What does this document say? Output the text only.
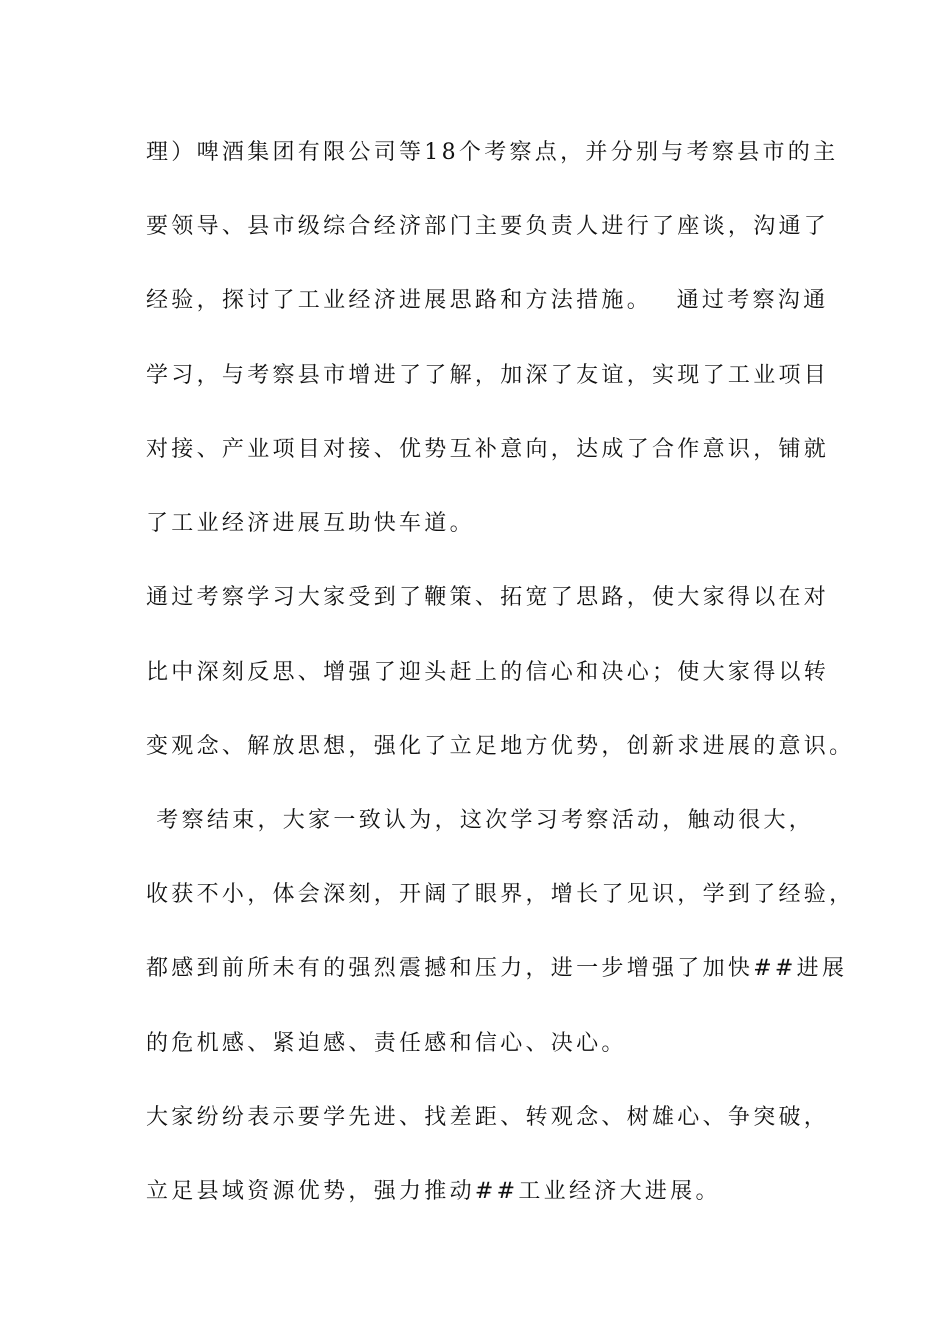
理）啤酒集团有限公司等18个考察点，并分别与考察县市的主
要领导、县市级综合经济部门主要负责人进行了座谈，沟通了
经验，探讨了工业经济进展思路和方法措施。　 通过考察沟通
学习，与考察县市增进了了解，加深了友谊，实现了工业项目
对接、产业项目对接、优势互补意向，达成了合作意识，铺就
了工业经济进展互助快车道。
通过考察学习大家受到了鞭策、拓宽了思路，使大家得以在对
比中深刻反思、增强了迎头赶上的信心和决心；使大家得以转
变观念、解放思想，强化了立足地方优势，创新求进展的意识。
考察结束，大家一致认为，这次学习考察活动，触动很大，
收获不小，体会深刻，开阔了眼界，增长了见识，学到了经验，
都感到前所未有的强烈震撼和压力，进一步增强了加快##进展
的危机感、紧迫感、责任感和信心、决心。
大家纷纷表示要学先进、找差距、转观念、树雄心、争突破，
立足县域资源优势，强力推动##工业经济大进展。
